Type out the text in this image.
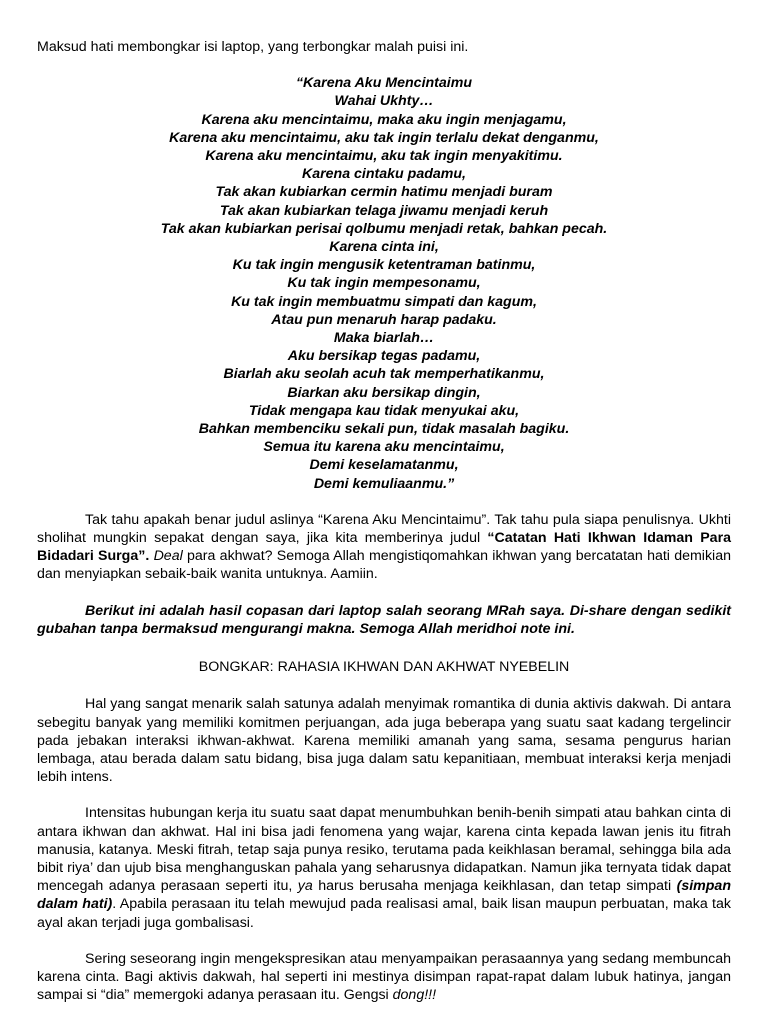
Maksud hati membongkar isi laptop, yang terbongkar malah puisi ini.
“Karena Aku Mencintaimu
Wahai Ukhty…
Karena aku mencintaimu, maka aku ingin menjagamu,
Karena aku mencintaimu, aku tak ingin terlalu dekat denganmu,
Karena aku mencintaimu, aku tak ingin menyakitimu.
Karena cintaku padamu,
Tak akan kubiarkan cermin hatimu menjadi buram
Tak akan kubiarkan telaga jiwamu menjadi keruh
Tak akan kubiarkan perisai qolbumu menjadi retak, bahkan pecah.
Karena cinta ini,
Ku tak ingin mengusik ketentraman batinmu,
Ku tak ingin mempesonamu,
Ku tak ingin membuatmu simpati dan kagum,
Atau pun menaruh harap padaku.
Maka biarlah…
Aku bersikap tegas padamu,
Biarlah aku seolah acuh tak memperhatikanmu,
Biarkan aku bersikap dingin,
Tidak mengapa kau tidak menyukai aku,
Bahkan membenciku sekali pun, tidak masalah bagiku.
Semua itu karena aku mencintaimu,
Demi keselamatanmu,
Demi kemuliaanmu.”

Tak tahu apakah benar judul aslinya “Karena Aku Mencintaimu”. Tak tahu pula siapa penulisnya. Ukhti sholihat mungkin sepakat dengan saya, jika kita memberinya judul “Catatan Hati Ikhwan Idaman Para Bidadari Surga”. Deal para akhwat? Semoga Allah mengistiqomahkan ikhwan yang bercatatan hati demikian dan menyiapkan sebaik-baik wanita untuknya. Aamiin.

Berikut ini adalah hasil copasan dari laptop salah seorang MRah saya. Di-share dengan sedikit gubahan tanpa bermaksud mengurangi makna. Semoga Allah meridhoi note ini.

BONGKAR: RAHASIA IKHWAN DAN AKHWAT NYEBELIN

Hal yang sangat menarik salah satunya adalah menyimak romantika di dunia aktivis dakwah. Di antara sebegitu banyak yang memiliki komitmen perjuangan, ada juga beberapa yang suatu saat kadang tergelincir pada jebakan interaksi ikhwan-akhwat. Karena memiliki amanah yang sama, sesama pengurus harian lembaga, atau berada dalam satu bidang, bisa juga dalam satu kepanitiaan, membuat interaksi kerja menjadi lebih intens.

Intensitas hubungan kerja itu suatu saat dapat menumbuhkan benih-benih simpati atau bahkan cinta di antara ikhwan dan akhwat. Hal ini bisa jadi fenomena yang wajar, karena cinta kepada lawan jenis itu fitrah manusia, katanya. Meski fitrah, tetap saja punya resiko, terutama pada keikhlasan beramal, sehingga bila ada bibit riya’ dan ujub bisa menghanguskan pahala yang seharusnya didapatkan. Namun jika ternyata tidak dapat mencegah adanya perasaan seperti itu, ya harus berusaha menjaga keikhlasan, dan tetap simpati (simpan dalam hati). Apabila perasaan itu telah mewujud pada realisasi amal, baik lisan maupun perbuatan, maka tak ayal akan terjadi juga gombalisasi.

Sering seseorang ingin mengekspresikan atau menyampaikan perasaannya yang sedang membuncah karena cinta. Bagi aktivis dakwah, hal seperti ini mestinya disimpan rapat-rapat dalam lubuk hatinya, jangan sampai si “dia” memergoki adanya perasaan itu. Gengsi dong!!!
